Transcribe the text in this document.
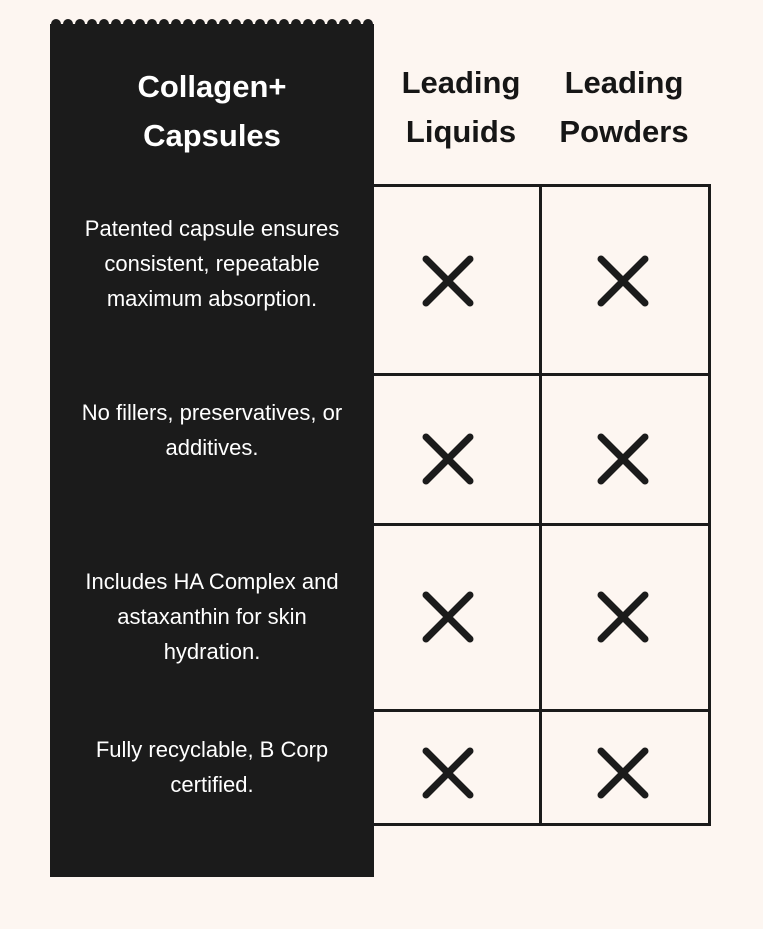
Collagen+
Capsules

Patented capsule ensures consistent, repeatable maximum absorption.

No fillers, preservatives, or additives.

Includes HA Complex and astaxanthin for skin hydration.

Fully recyclable, B Corp certified.

Leading
Liquids
Leading
Powders
